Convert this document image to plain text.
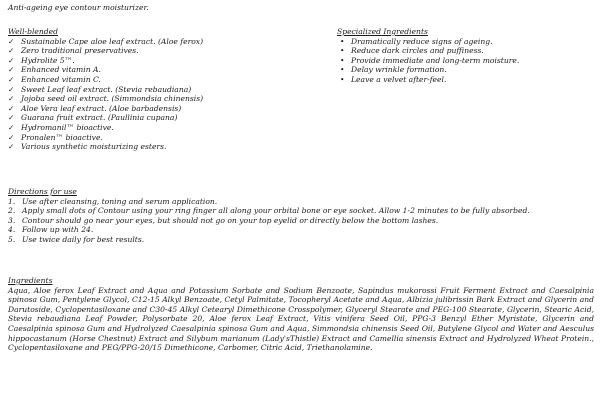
Anti-ageing eye contour moisturizer.
Well-blended
✓ Sustainable Cape aloe leaf extract. (Aloe ferox)
✓ Zero traditional preservatives.
✓ Hydrolite 5™.
✓ Enhanced vitamin A.
✓ Enhanced vitamin C.
✓ Sweet Leaf leaf extract. (Stevia rebaudiana)
✓ Jojoba seed oil extract. (Simmondsia chinensis)
✓ Aloe Vera leaf extract. (Aloe barbadensis)
✓ Guarana fruit extract. (Paullinia cupana)
✓ Hydromanil™ bioactive.
✓ Pronalen™ bioactive.
✓ Various synthetic moisturizing esters.
Specialized Ingredients
• Dramatically reduce signs of ageing.
• Reduce dark circles and puffiness.
• Provide immediate and long-term moisture.
• Delay wrinkle formation.
• Leave a velvet after-feel.
Directions for use
1. Use after cleansing, toning and serum application.
2. Apply small dots of Contour using your ring finger all along your orbital bone or eye socket. Allow 1-2 minutes to be fully absorbed.
3. Contour should go near your eyes, but should not go on your top eyelid or directly below the bottom lashes.
4. Follow up with 24.
5. Use twice daily for best results.
Ingredients

Aqua, Aloe ferox Leaf Extract and Aqua and Potassium Sorbate and Sodium Benzoate, Sapindus mukorossi Fruit Ferment Extract and Caesalpinia spinosa Gum, Pentylene Glycol, C12-15 Alkyl Benzoate, Cetyl Palmitate, Tocopheryl Acetate and Aqua, Albizia julibrissin Bark Extract and Glycerin and Darutoside, Cyclopentasiloxane and C30-45 Alkyl Cetearyl Dimethicone Crosspolymer, Glyceryl Stearate and PEG-100 Stearate, Glycerin, Stearic Acid, Stevia rebaudiana Leaf Powder, Polysorbate 20, Aloe ferox Leaf Extract, Vitis vinifera Seed Oil, PPG-3 Benzyl Ether Myristate, Glycerin and Caesalpinia spinosa Gum and Hydrolyzed Caesalpinia spinosa Gum and Aqua, Simmondsia chinensis Seed Oil, Butylene Glycol and Water and Aesculus hippocastanum (Horse Chestnut) Extract and Silybum marianum (Lady'sThistle) Extract and Camellia sinensis Extract and Hydrolyzed Wheat Protein., Cyclopentasiloxane and PEG/PPG-20/15 Dimethicone, Carbomer, Citric Acid, Triethanolamine.
